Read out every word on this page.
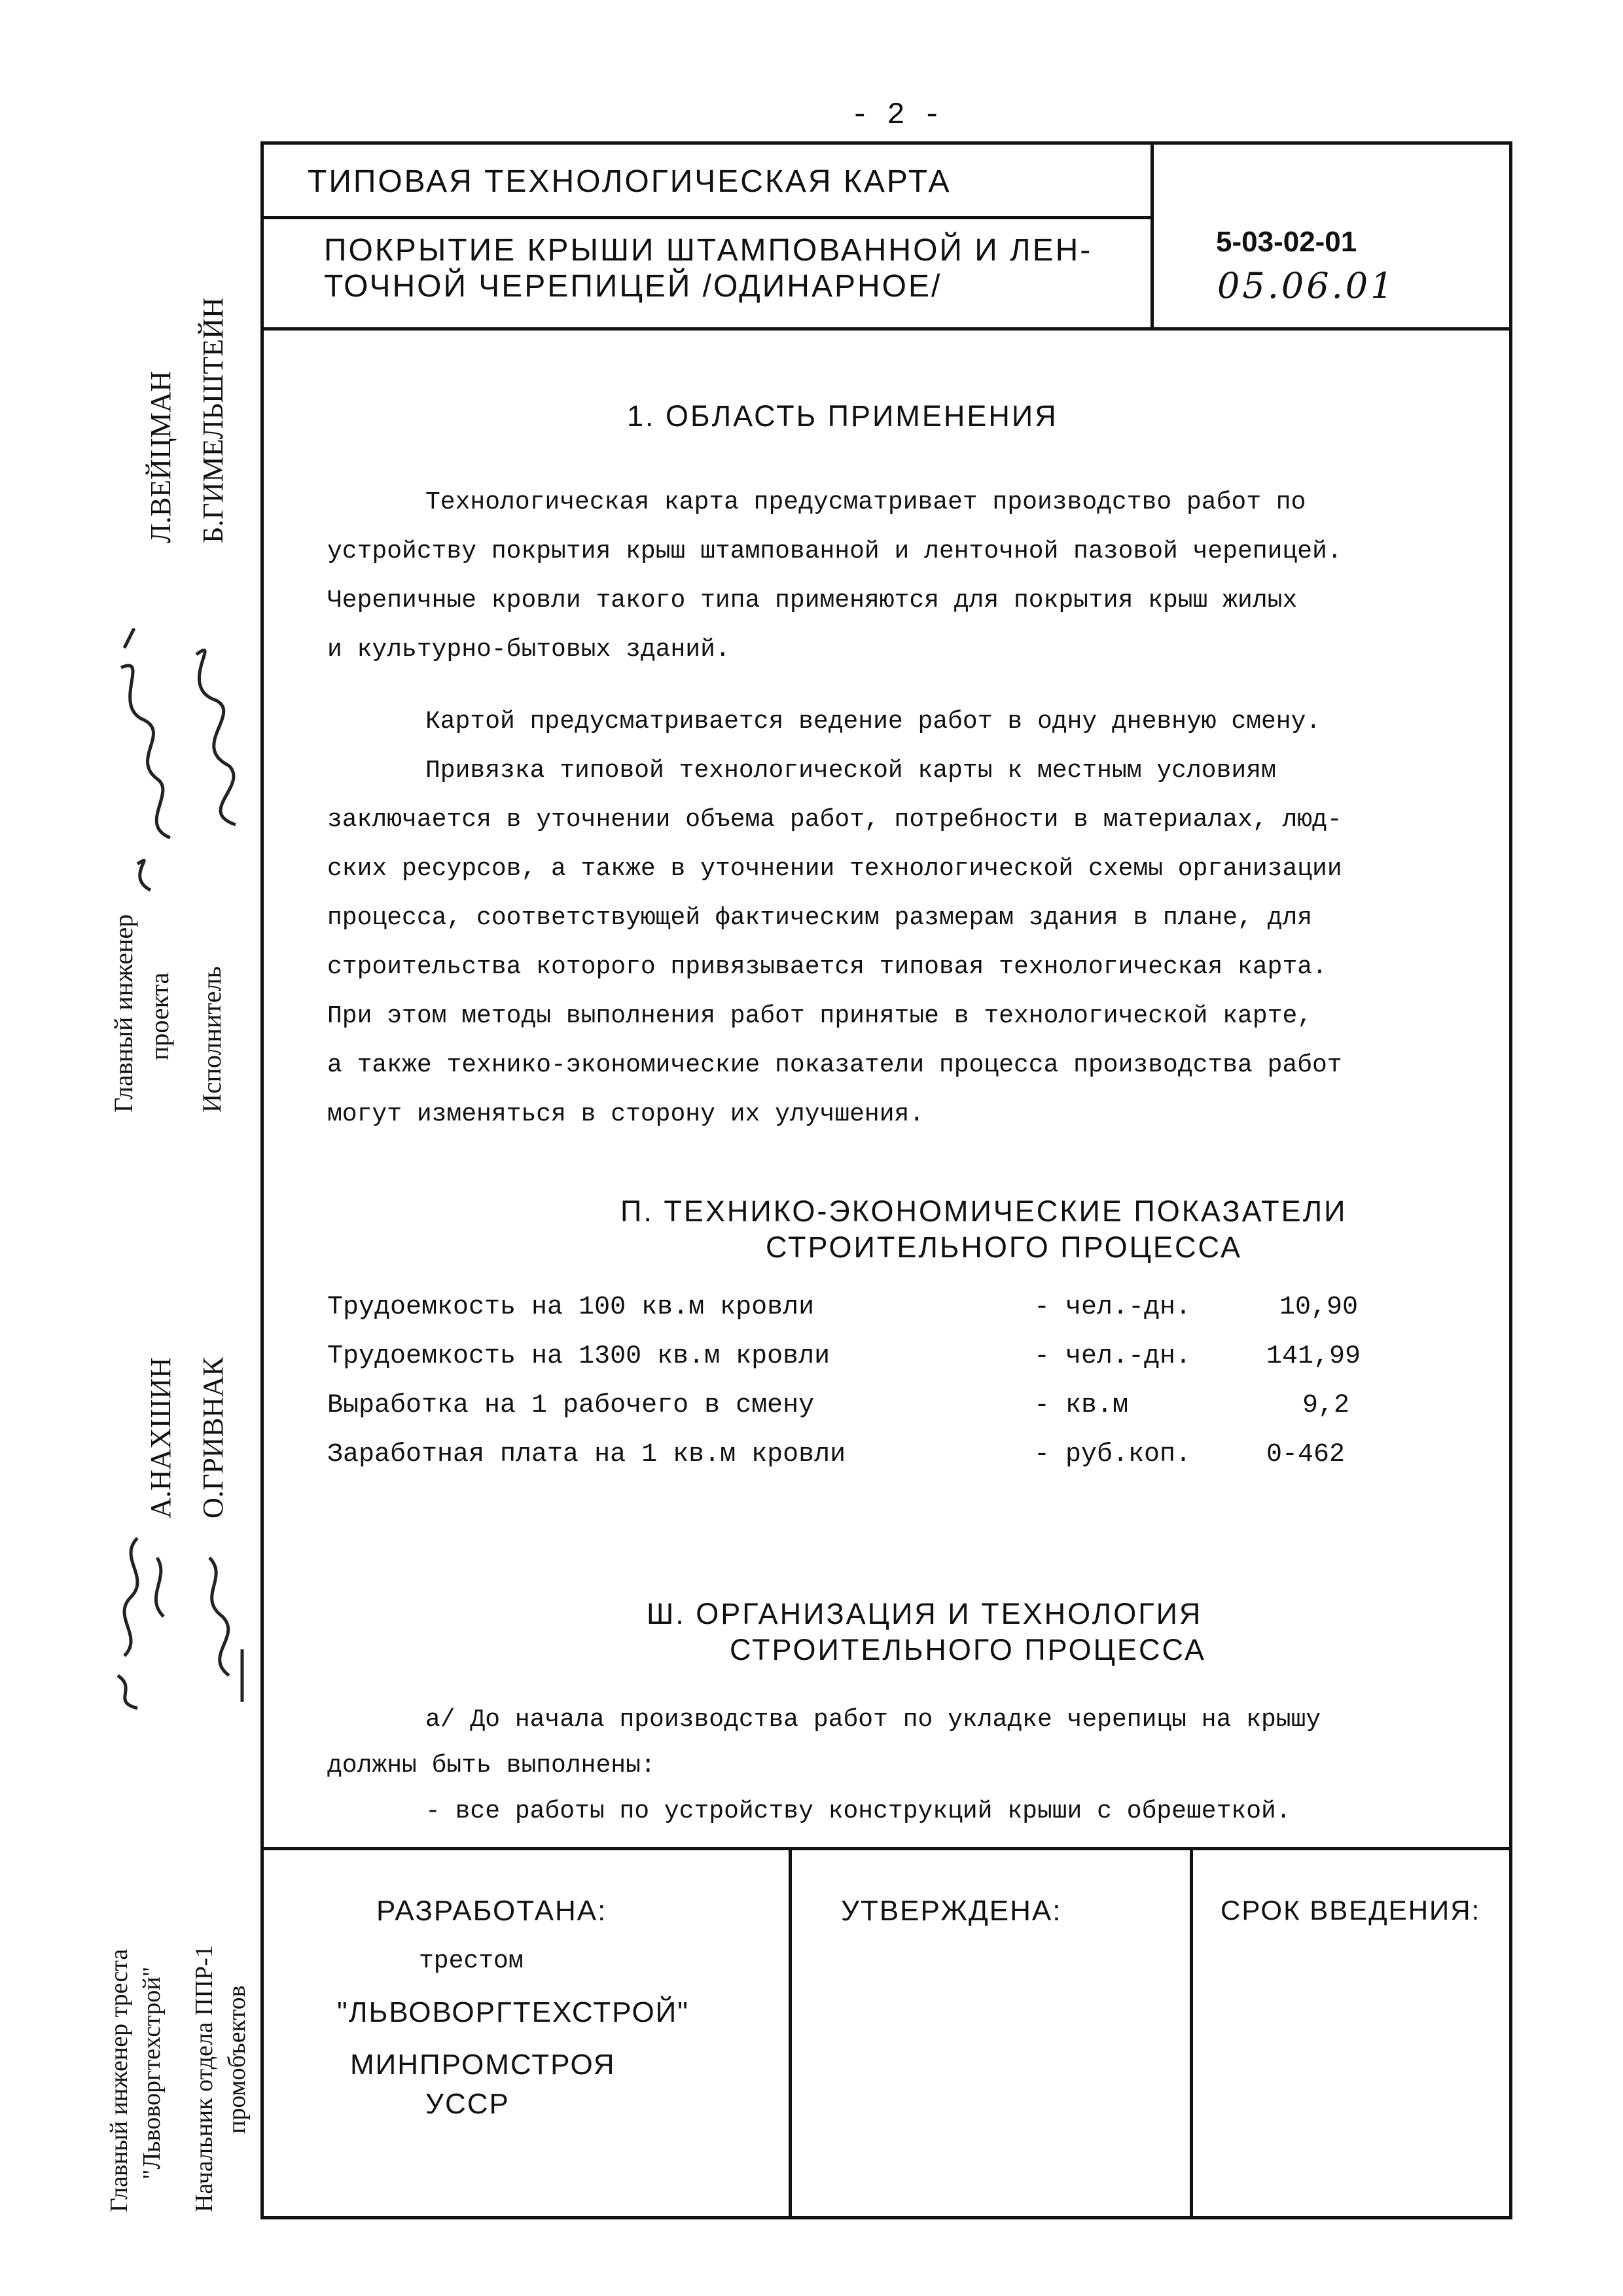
- 2 -
ТИПОВАЯ ТЕХНОЛОГИЧЕСКАЯ КАРТА
ПОКРЫТИЕ КРЫШИ ШТАМПОВАННОЙ И ЛЕН-
ТОЧНОЙ ЧЕРЕПИЦЕЙ /ОДИНАРНОЕ/
5-03-02-01
05.06.01
1. ОБЛАСТЬ ПРИМЕНЕНИЯ
Технологическая карта предусматривает производство работ по
устройству покрытия крыш штампованной и ленточной пазовой черепицей.
Черепичные кровли такого типа применяются для покрытия крыш жилых
и культурно-бытовых зданий.
Картой предусматривается ведение работ в одну дневную смену.
Привязка типовой технологической карты к местным условиям
заключается в уточнении объема работ, потребности в материалах, люд-
ских ресурсов, а также в уточнении технологической схемы организации
процесса, соответствующей фактическим размерам здания в плане, для
строительства которого привязывается типовая технологическая карта.
При этом методы выполнения работ принятые в технологической карте,
а также технико-экономические показатели процесса производства работ
могут изменяться в сторону их улучшения.
П. ТЕХНИКО-ЭКОНОМИЧЕСКИЕ ПОКАЗАТЕЛИ
СТРОИТЕЛЬНОГО ПРОЦЕССА
Трудоемкость на 100 кв.м кровли	- чел.-дн.	10,90
Трудоемкость на 1300 кв.м кровли	- чел.-дн.	141,99
Выработка на 1 рабочего в смену	- кв.м	9,2
Заработная плата на 1 кв.м кровли	- руб.коп.	0-462
Ш. ОРГАНИЗАЦИЯ И ТЕХНОЛОГИЯ
СТРОИТЕЛЬНОГО ПРОЦЕССА
а/ До начала производства работ по укладке черепицы на крышу
должны быть выполнены:
- все работы по устройству конструкций крыши с обрешеткой.
РАЗРАБОТАНА:
трестом
"ЛЬВОВОРГТЕХСТРОЙ"
МИНПРОМСТРОЯ
УССР
УТВЕРЖДЕНА:	СРОК ВВЕДЕНИЯ:
Л.ВЕЙЦМАН Б.ГИМЕЛЬШТЕЙН
Главный инженер проекта Исполнитель
А.НАХШИН О.ГРИВНАК
Главный инженер треста "Львоворгтехстрой" Начальник отдела ППР-1 промобъектов
